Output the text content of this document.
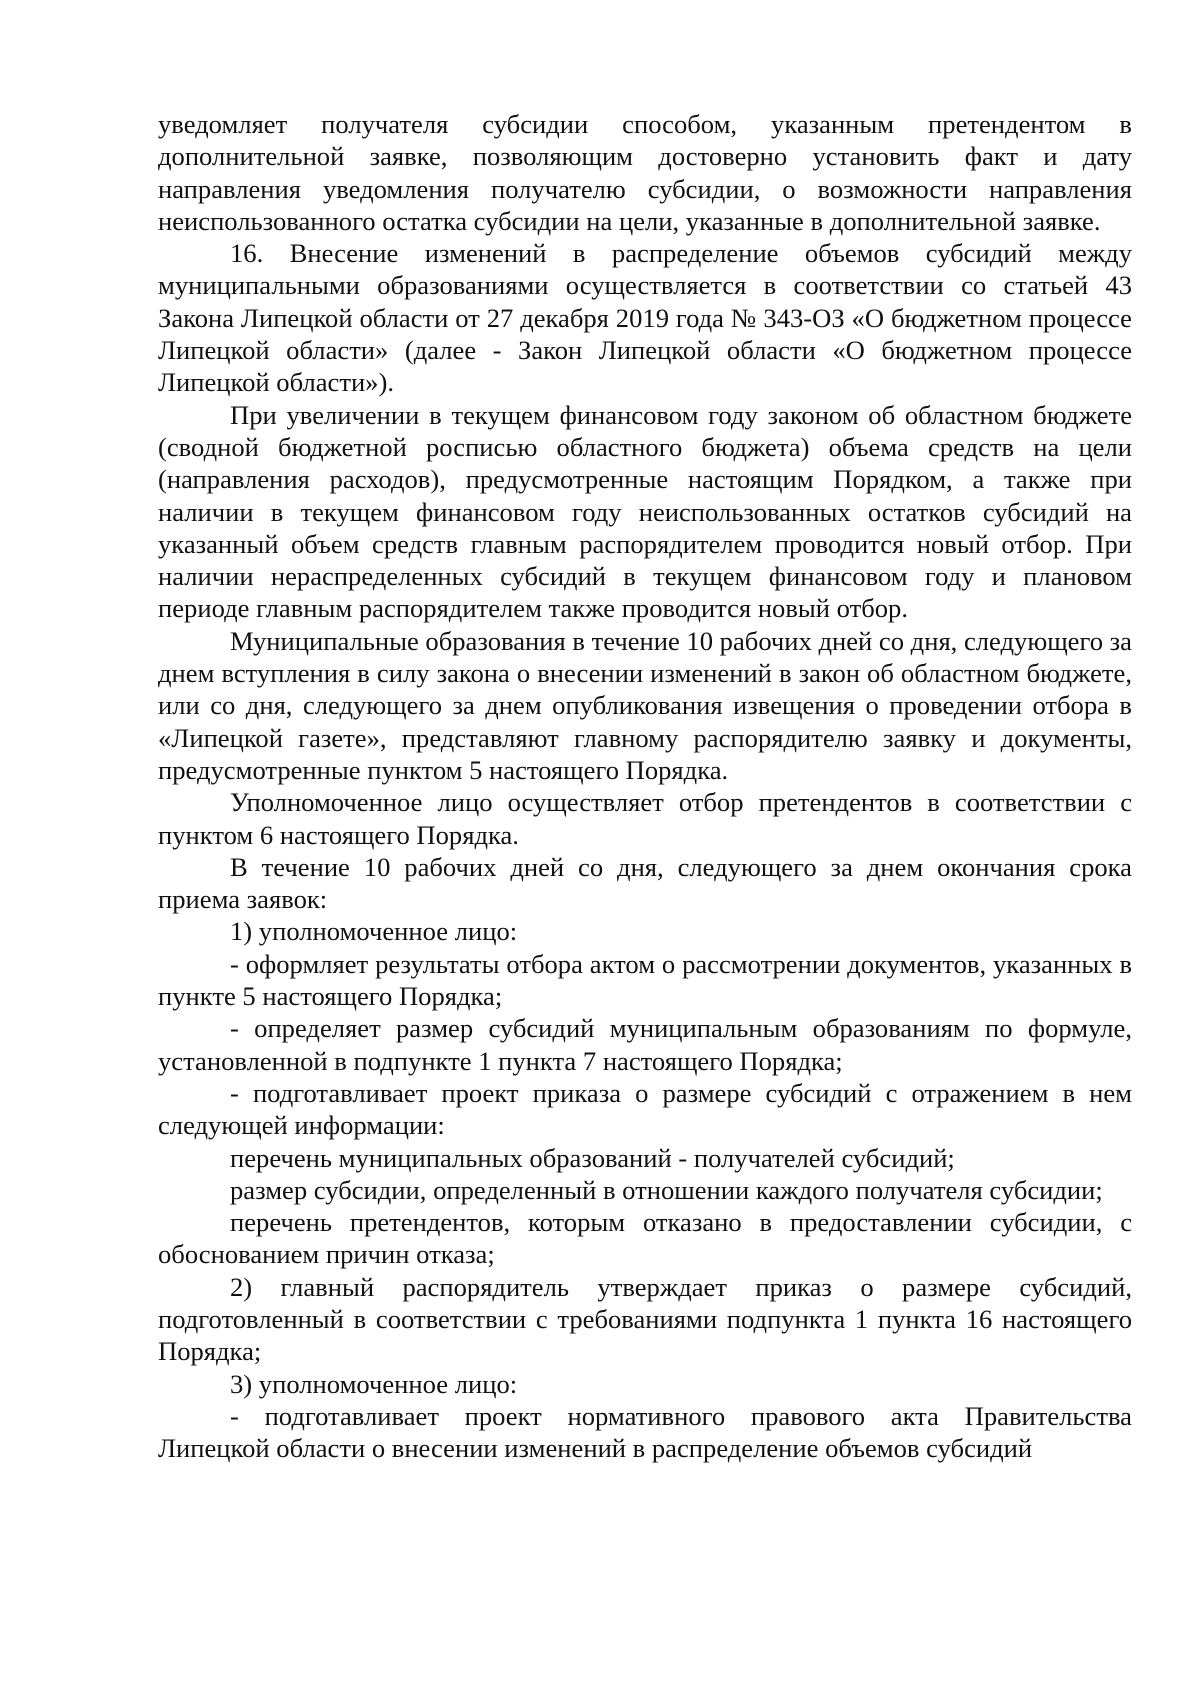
уведомляет получателя субсидии способом, указанным претендентом в дополнительной заявке, позволяющим достоверно установить факт и дату направления уведомления получателю субсидии, о возможности направления неиспользованного остатка субсидии на цели, указанные в дополнительной заявке.

16. Внесение изменений в распределение объемов субсидий между муниципальными образованиями осуществляется в соответствии со статьей 43 Закона Липецкой области от 27 декабря 2019 года № 343-ОЗ «О бюджетном процессе Липецкой области» (далее - Закон Липецкой области «О бюджетном процессе Липецкой области»).

При увеличении в текущем финансовом году законом об областном бюджете (сводной бюджетной росписью областного бюджета) объема средств на цели (направления расходов), предусмотренные настоящим Порядком, а также при наличии в текущем финансовом году неиспользованных остатков субсидий на указанный объем средств главным распорядителем проводится новый отбор. При наличии нераспределенных субсидий в текущем финансовом году и плановом периоде главным распорядителем также проводится новый отбор.

Муниципальные образования в течение 10 рабочих дней со дня, следующего за днем вступления в силу закона о внесении изменений в закон об областном бюджете, или со дня, следующего за днем опубликования извещения о проведении отбора в «Липецкой газете», представляют главному распорядителю заявку и документы, предусмотренные пунктом 5 настоящего Порядка.

Уполномоченное лицо осуществляет отбор претендентов в соответствии с пунктом 6 настоящего Порядка.

В течение 10 рабочих дней со дня, следующего за днем окончания срока приема заявок:

1) уполномоченное лицо:

- оформляет результаты отбора актом о рассмотрении документов, указанных в пункте 5 настоящего Порядка;

- определяет размер субсидий муниципальным образованиям по формуле, установленной в подпункте 1 пункта 7 настоящего Порядка;

- подготавливает проект приказа о размере субсидий с отражением в нем следующей информации:

перечень муниципальных образований - получателей субсидий;

размер субсидии, определенный в отношении каждого получателя субсидии;

перечень претендентов, которым отказано в предоставлении субсидии, с обоснованием причин отказа;

2) главный распорядитель утверждает приказ о размере субсидий, подготовленный в соответствии с требованиями подпункта 1 пункта 16 настоящего Порядка;

3) уполномоченное лицо:

- подготавливает проект нормативного правового акта Правительства Липецкой области о внесении изменений в распределение объемов субсидий
